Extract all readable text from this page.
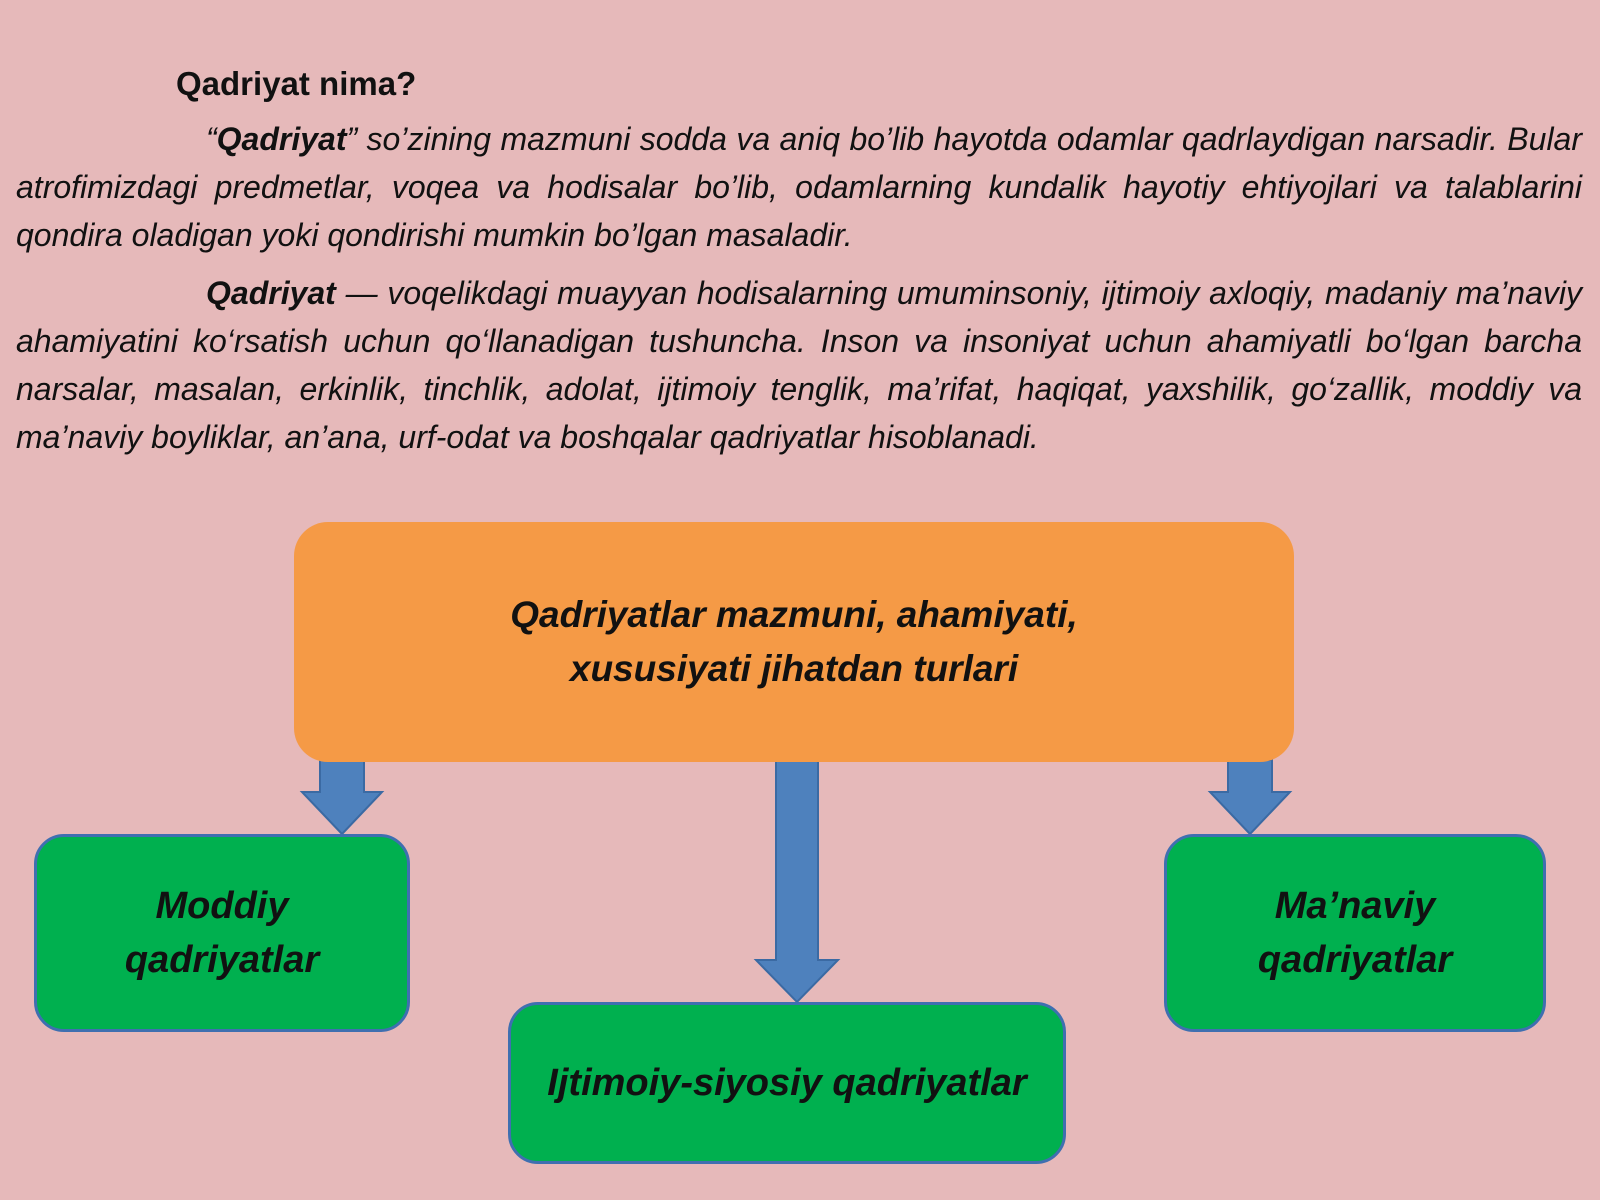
Qadriyat nima?
“Qadriyat” so’zining mazmuni sodda va aniq bo’lib hayotda odamlar qadrlaydigan narsadir. Bular atrofimizdagi predmetlar, voqea va hodisalar bo’lib, odamlarning kundalik hayotiy ehtiyojlari va talablarini qondira oladigan yoki qondirishi mumkin bo’lgan masaladir.
Qadriyat — voqelikdagi muayyan hodisalarning umuminsoniy, ijtimoiy axloqiy, madaniy ma’naviy ahamiyatini ko‘rsatish uchun qo‘llanadigan tushuncha. Inson va insoniyat uchun ahamiyatli bo‘lgan barcha narsalar, masalan, erkinlik, tinchlik, adolat, ijtimoiy tenglik, ma’rifat, haqiqat, yaxshilik, go‘zallik, moddiy va ma’naviy boyliklar, an’ana, urf-odat va boshqalar qadriyatlar hisoblanadi.
Qadriyatlar mazmuni, ahamiyati, xususiyati jihatdan turlari
Moddiy qadriyatlar
Ijtimoiy-siyosiy qadriyatlar
Ma’naviy qadriyatlar
